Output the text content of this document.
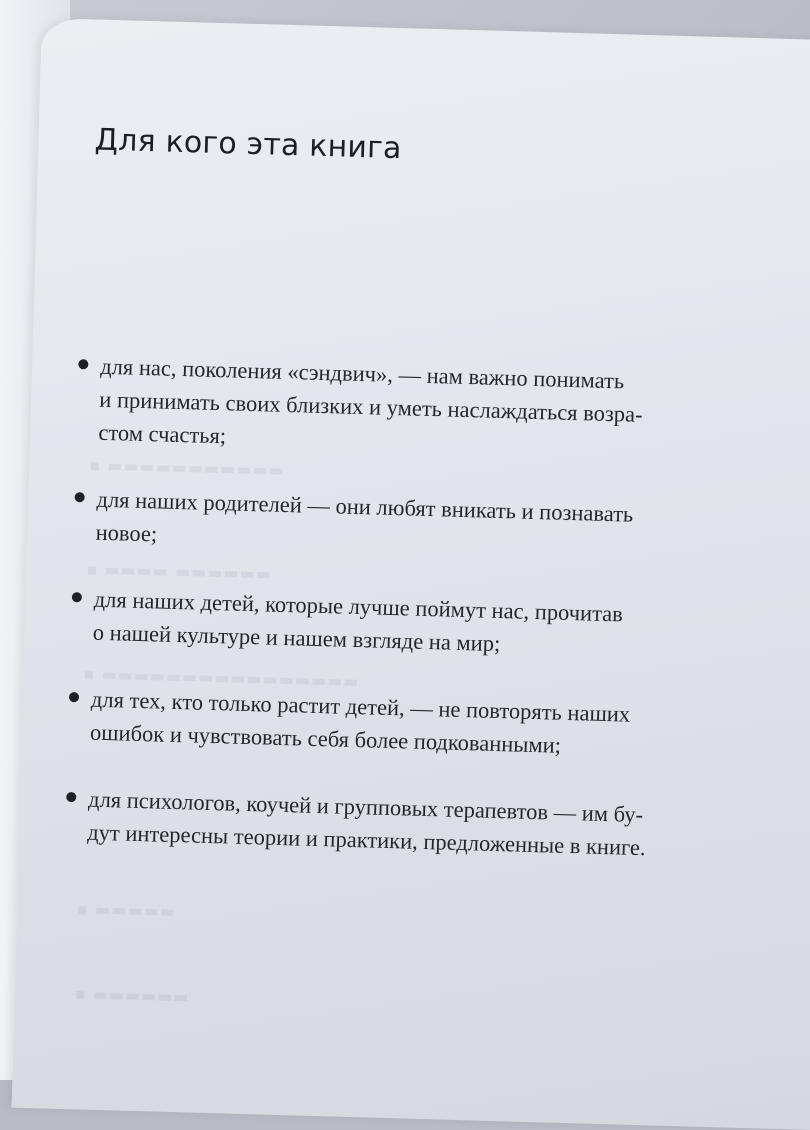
▪ ▬▬▬▬▬▬▬▬▬▬▬
▪ ▬▬▬▬ ▬▬▬▬▬▬
▪ ▬▬▬▬▬▬▬▬▬▬▬▬▬▬▬▬
▪ ▬▬▬▬▬
▪ ▬▬▬▬▬▬
Для кого эта книга
для нас, поколения «сэндвич», — нам важно понимать
и принимать своих близких и уметь наслаждаться возра-
стом счастья;
для наших родителей — они любят вникать и познавать
новое;
для наших детей, которые лучше поймут нас, прочитав
о нашей культуре и нашем взгляде на мир;
для тех, кто только растит детей, — не повторять наших
ошибок и чувствовать себя более подкованными;
для психологов, коучей и групповых терапевтов — им бу-
дут интересны теории и практики, предложенные в книге.
